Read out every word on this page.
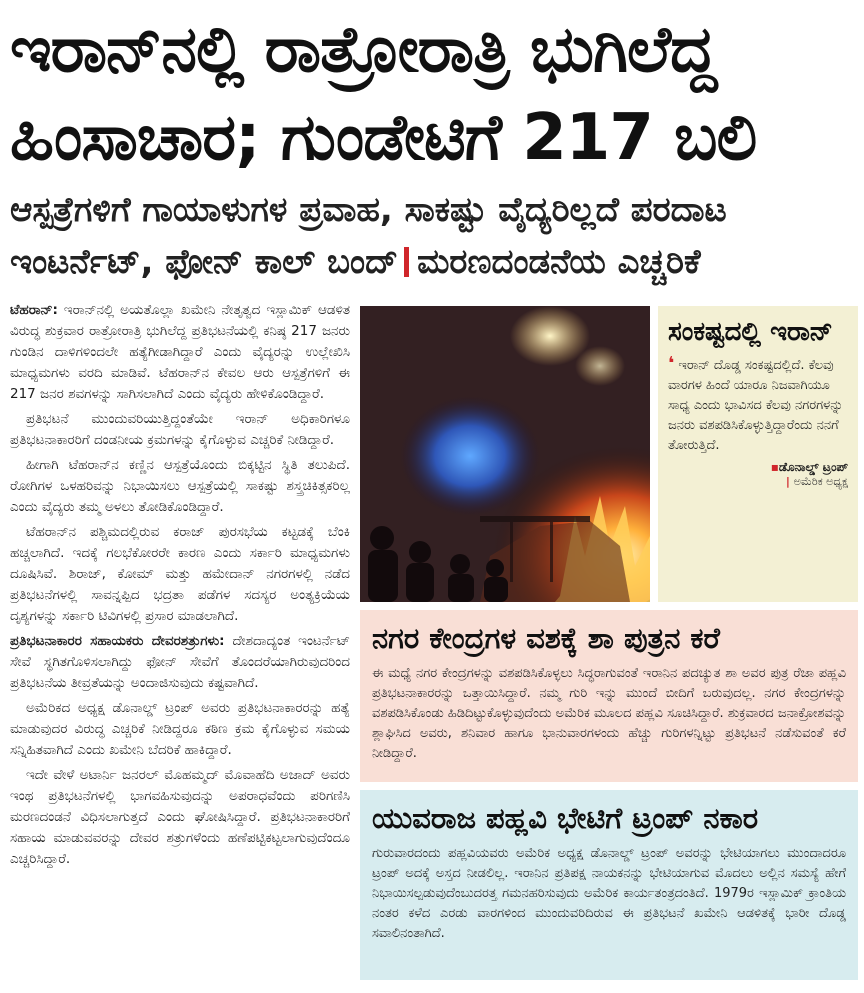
ಇರಾನ್‌ನಲ್ಲಿ ರಾತ್ರೋರಾತ್ರಿ ಭುಗಿಲೆದ್ದ
ಹಿಂಸಾಚಾರ; ಗುಂಡೇಟಿಗೆ 217 ಬಲಿ
ಆಸ್ಪತ್ರೆಗಳಿಗೆ ಗಾಯಾಳುಗಳ ಪ್ರವಾಹ, ಸಾಕಷ್ಟು ವೈದ್ಯರಿಲ್ಲದೆ ಪರದಾಟ
ಇಂಟರ್ನೆಟ್, ಫೋನ್ ಕಾಲ್ ಬಂದ್ ಮರಣದಂಡನೆಯ ಎಚ್ಚರಿಕೆ

ಟೆಹರಾನ್: ಇರಾನ್‌ನಲ್ಲಿ ಅಯತೊಲ್ಲಾ ಖಮೇನಿ ನೇತೃತ್ವದ ಇಸ್ಲಾಮಿಕ್ ಆಡಳಿತ ವಿರುದ್ಧ ಶುಕ್ರವಾರ ರಾತ್ರೋರಾತ್ರಿ ಭುಗಿಲೆದ್ದ ಪ್ರತಿಭಟನೆಯಲ್ಲಿ ಕನಿಷ್ಠ 217 ಜನರು ಗುಂಡಿನ ದಾಳಿಗಳಿಂದಲೇ ಹತ್ಯೆಗೀಡಾಗಿದ್ದಾರೆ ಎಂದು ವೈದ್ಯರನ್ನು ಉಲ್ಲೇಖಿಸಿ ಮಾಧ್ಯಮಗಳು ವರದಿ ಮಾಡಿವೆ. ಟೆಹರಾನ್‌ನ ಕೇವಲ ಆರು ಆಸ್ಪತ್ರೆಗಳಿಗೆ ಈ 217 ಜನರ ಶವಗಳನ್ನು ಸಾಗಿಸಲಾಗಿದೆ ಎಂದು ವೈದ್ಯರು ಹೇಳಿಕೊಂಡಿದ್ದಾರೆ.

ಪ್ರತಿಭಟನೆ ಮುಂದುವರಿಯುತ್ತಿದ್ದಂತೆಯೇ ಇರಾನ್ ಅಧಿಕಾರಿಗಳೂ ಪ್ರತಿಭಟನಾಕಾರರಿಗೆ ದಂಡನೀಯ ಕ್ರಮಗಳನ್ನು ಕೈಗೊಳ್ಳುವ ಎಚ್ಚರಿಕೆ ನೀಡಿದ್ದಾರೆ.

ಹೀಗಾಗಿ ಟೆಹರಾನ್‌ನ ಕಣ್ಣಿನ ಆಸ್ಪತ್ರೆಯೊಂದು ಬಿಕ್ಕಟ್ಟಿನ ಸ್ಥಿತಿ ತಲುಪಿದೆ. ರೋಗಿಗಳ ಒಳಹರಿವನ್ನು ನಿಭಾಯಿಸಲು ಆಸ್ಪತ್ರೆಯಲ್ಲಿ ಸಾಕಷ್ಟು ಶಸ್ತ್ರಚಿಕಿತ್ಸಕರಿಲ್ಲ ಎಂದು ವೈದ್ಯರು ತಮ್ಮ ಅಳಲು ತೋಡಿಕೊಂಡಿದ್ದಾರೆ.

ಟೆಹರಾನ್‌ನ ಪಶ್ಚಿಮದಲ್ಲಿರುವ ಕರಾಜ್ ಪುರಸಭೆಯ ಕಟ್ಟಡಕ್ಕೆ ಬೆಂಕಿ ಹಚ್ಚಲಾಗಿದೆ. ಇದಕ್ಕೆ ಗಲಭೆಕೋರರೇ ಕಾರಣ ಎಂದು ಸರ್ಕಾರಿ ಮಾಧ್ಯಮಗಳು ದೂಷಿಸಿವೆ. ಶಿರಾಜ್, ಕೋಮ್ ಮತ್ತು ಹಮೇದಾನ್ ನಗರಗಳಲ್ಲಿ ನಡೆದ ಪ್ರತಿಭಟನೆಗಳಲ್ಲಿ ಸಾವನ್ನಪ್ಪಿದ ಭದ್ರತಾ ಪಡೆಗಳ ಸದಸ್ಯರ ಅಂತ್ಯಕ್ರಿಯೆಯ ದೃಶ್ಯಗಳನ್ನು ಸರ್ಕಾರಿ ಟಿವಿಗಳಲ್ಲಿ ಪ್ರಸಾರ ಮಾಡಲಾಗಿದೆ.

ಪ್ರತಿಭಟನಾಕಾರರ ಸಹಾಯಕರು ದೇವರಶತ್ರುಗಳು: ದೇಶದಾದ್ಯಂತ ಇಂಟರ್ನೆಟ್ ಸೇವೆ ಸ್ಥಗಿತಗೊಳಿಸಲಾಗಿದ್ದು ಫೋನ್ ಸೇವೆಗೆ ತೊಂದರೆಯಾಗಿರುವುದರಿಂದ ಪ್ರತಿಭಟನೆಯ ತೀವ್ರತೆಯನ್ನು ಅಂದಾಜಿಸುವುದು ಕಷ್ಟವಾಗಿದೆ.

ಅಮೆರಿಕದ ಅಧ್ಯಕ್ಷ ಡೊನಾಲ್ಡ್ ಟ್ರಂಪ್ ಅವರು ಪ್ರತಿಭಟನಾಕಾರರನ್ನು ಹತ್ಯೆ ಮಾಡುವುದರ ವಿರುದ್ಧ ಎಚ್ಚರಿಕೆ ನೀಡಿದ್ದರೂ ಕಠಿಣ ಕ್ರಮ ಕೈಗೊಳ್ಳುವ ಸಮಯ ಸನ್ನಿಹಿತವಾಗಿದೆ ಎಂದು ಖಮೇನಿ ಬೆದರಿಕೆ ಹಾಕಿದ್ದಾರೆ.

ಇದೇ ವೇಳೆ ಅಟಾರ್ನಿ ಜನರಲ್ ಮೊಹಮ್ಮದ್ ಮೊವಾಹೆದಿ ಅಜಾದ್ ಅವರು ಇಂಥ ಪ್ರತಿಭಟನೆಗಳಲ್ಲಿ ಭಾಗವಹಿಸುವುದನ್ನು ಅಪರಾಧವೆಂದು ಪರಿಗಣಿಸಿ ಮರಣದಂಡನೆ ವಿಧಿಸಲಾಗುತ್ತದೆ ಎಂದು ಘೋಷಿಸಿದ್ದಾರೆ. ಪ್ರತಿಭಟನಾಕಾರರಿಗೆ ಸಹಾಯ ಮಾಡುವವರನ್ನು ದೇವರ ಶತ್ರುಗಳೆಂದು ಹಣೆಪಟ್ಟಿಕಟ್ಟಲಾಗುವುದೆಂದೂ ಎಚ್ಚರಿಸಿದ್ದಾರೆ.

ಸಂಕಷ್ಟದಲ್ಲಿ ಇರಾನ್

❛ ಇರಾನ್ ದೊಡ್ಡ ಸಂಕಷ್ಟದಲ್ಲಿದೆ. ಕೆಲವು ವಾರಗಳ ಹಿಂದೆ ಯಾರೂ ನಿಜವಾಗಿಯೂ ಸಾಧ್ಯ ಎಂದು ಭಾವಿಸದ ಕೆಲವು ನಗರಗಳನ್ನು ಜನರು ವಶಪಡಿಸಿಕೊಳ್ಳುತ್ತಿದ್ದಾರೆಂದು ನನಗೆ ತೋರುತ್ತಿದೆ.

▪ಡೊನಾಲ್ಡ್ ಟ್ರಂಪ್
| ಅಮೆರಿಕ ಅಧ್ಯಕ್ಷ
ನಗರ ಕೇಂದ್ರಗಳ ವಶಕ್ಕೆ ಶಾ ಪುತ್ರನ ಕರೆ

ಈ ಮಧ್ಯೆ ನಗರ ಕೇಂದ್ರಗಳನ್ನು ವಶಪಡಿಸಿಕೊಳ್ಳಲು ಸಿದ್ಧರಾಗುವಂತೆ ಇರಾನಿನ ಪದಚ್ಯುತ ಶಾ ಅವರ ಪುತ್ರ ರೆಜಾ ಪಹ್ಲವಿ ಪ್ರತಿಭಟನಾಕಾರರನ್ನು ಒತ್ತಾಯಿಸಿದ್ದಾರೆ. ನಮ್ಮ ಗುರಿ ಇನ್ನು ಮುಂದೆ ಬೀದಿಗೆ ಬರುವುದಲ್ಲ. ನಗರ ಕೇಂದ್ರಗಳನ್ನು ವಶಪಡಿಸಿಕೊಂಡು ಹಿಡಿದಿಟ್ಟುಕೊಳ್ಳುವುದೆಂದು ಅಮೆರಿಕ ಮೂಲದ ಪಹ್ಲವಿ ಸೂಚಿಸಿದ್ದಾರೆ. ಶುಕ್ರವಾರದ ಜನಾಕ್ರೋಶವನ್ನು ಶ್ಲಾಘಿಸಿದ ಅವರು, ಶನಿವಾರ ಹಾಗೂ ಭಾನುವಾರಗಳಂದು ಹೆಚ್ಚು ಗುರಿಗಳನ್ನಿಟ್ಟು ಪ್ರತಿಭಟನೆ ನಡೆಸುವಂತೆ ಕರೆ ನೀಡಿದ್ದಾರೆ.

ಯುವರಾಜ ಪಹ್ಲವಿ ಭೇಟಿಗೆ ಟ್ರಂಪ್ ನಕಾರ

ಗುರುವಾರದಂದು ಪಹ್ಲವಿಯವರು ಅಮೆರಿಕ ಅಧ್ಯಕ್ಷ ಡೊನಾಲ್ಡ್ ಟ್ರಂಪ್ ಅವರನ್ನು ಭೇಟಿಯಾಗಲು ಮುಂದಾದರೂ ಟ್ರಂಪ್ ಅದಕ್ಕೆ ಅಸ್ತದ ನೀಡಲಿಲ್ಲ. ಇರಾನಿನ ಪ್ರತಿಪಕ್ಷ ನಾಯಕನನ್ನು ಭೇಟಿಯಾಗುವ ಮೊದಲು ಅಲ್ಲಿನ ಸಮಸ್ಯೆ ಹೇಗೆ ನಿಭಾಯಿಸಲ್ಪಡುವುದೆಂಬುದರತ್ತ ಗಮನಹರಿಸುವುದು ಅಮೆರಿಕ ಕಾರ್ಯತಂತ್ರದಂತಿದೆ. 1979ರ ಇಸ್ಲಾಮಿಕ್ ಕ್ರಾಂತಿಯ ನಂತರ ಕಳೆದ ಎರಡು ವಾರಗಳಿಂದ ಮುಂದುವರಿದಿರುವ ಈ ಪ್ರತಿಭಟನೆ ಖಮೇನಿ ಆಡಳಿತಕ್ಕೆ ಭಾರೀ ದೊಡ್ಡ ಸವಾಲಿನಂತಾಗಿದೆ.
